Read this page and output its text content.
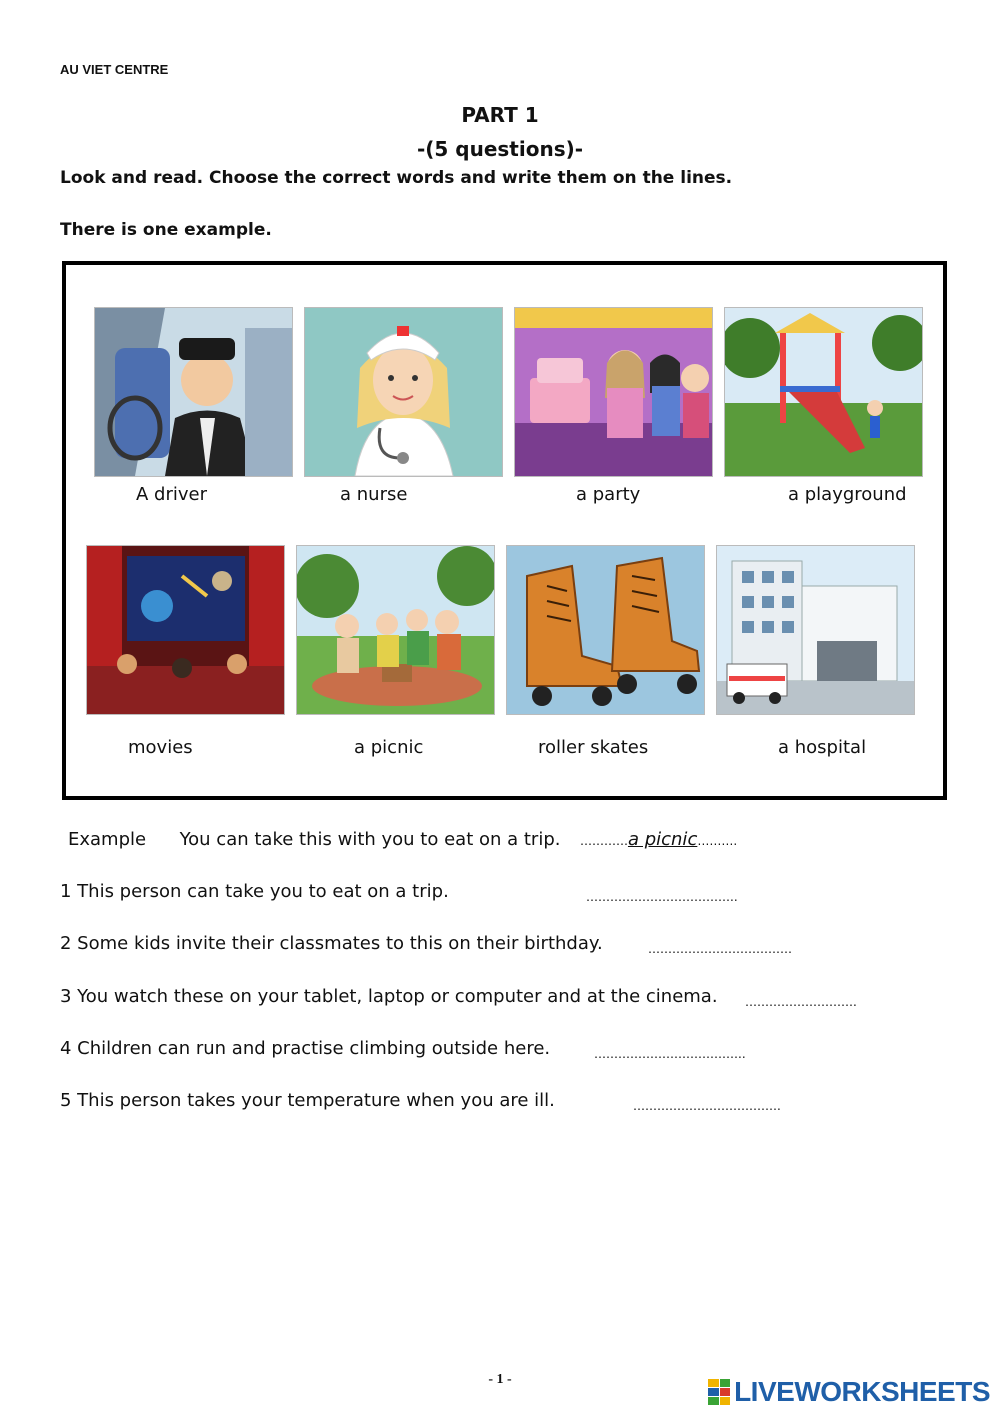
AU VIET CENTRE
PART 1
-(5 questions)-
Look and read. Choose the correct words and write them on the lines.
There is one example.
A driver	a nurse	a party	a playground
movies	a picnic	roller skates	a hospital
Example You can take this with you to eat on a trip. …………a picnic……….
1 This person can take you to eat on a trip.	………………………………..
2 Some kids invite their classmates to this on their birthday.	………………………………
3 You watch these on your tablet, laptop or computer and at the cinema. ……………………….
4 Children can run and practise climbing outside here.	………………………………..
5 This person takes your temperature when you are ill.	……………………………….
- 1 -	LIVEWORKSHEETS
